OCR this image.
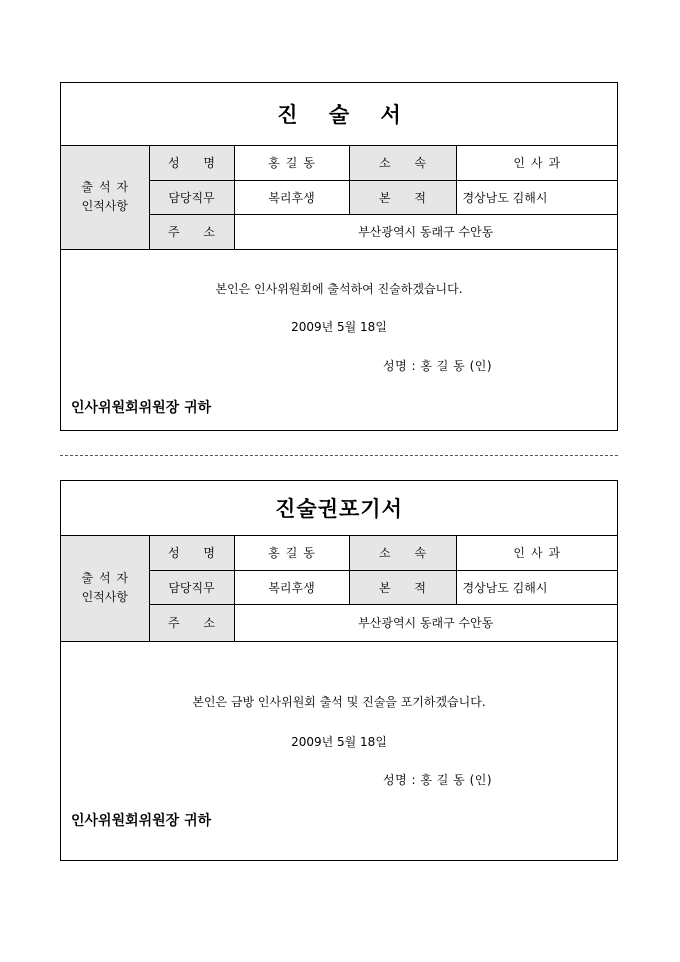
진 술 서
출석자
인적사항	성 명	홍길동	소 속	인사과
	담당직무	복리후생	본 적	경상남도 김해시
	주 소	부산광역시 동래구 수안동		
본인은 인사위원회에 출석하여 진술하겠습니다.
2009년 5월 18일
성명 : 홍 길 동 (인)
인사위원회위원장 귀하
진술권포기서
출석자
인적사항	성 명	홍길동	소 속	인사과
	담당직무	복리후생	본 적	경상남도 김해시
	주 소	부산광역시 동래구 수안동		
본인은 금방 인사위원회 출석 및 진술을 포기하겠습니다.
2009년 5월 18일
성명 : 홍 길 동 (인)
인사위원회위원장 귀하
